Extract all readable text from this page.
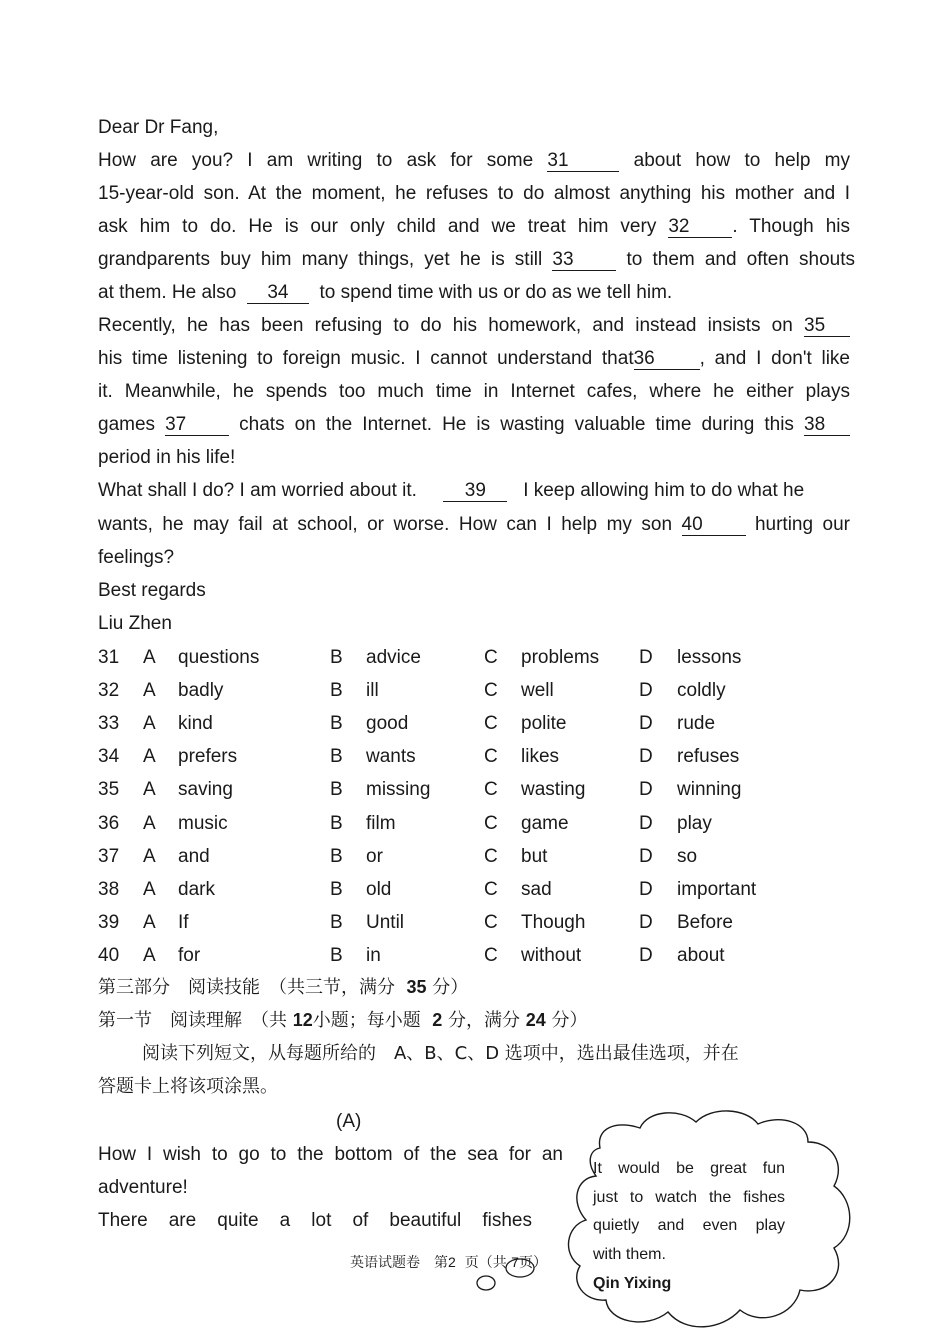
Dear Dr Fang,
How are you? I am writing to ask for some 31	about how to help my
15-year-old son. At the moment, he refuses to do almost anything his mother and I
ask him to do. He is our only child and we treat him very 32 . Though his
grandparents buy him many things, yet he is still 33	to them and often shouts
at them. He also 34 to spend time with us or do as we tell him.
Recently, he has been refusing to do his homework, and instead insists on 35
his time listening to foreign music. I cannot understand that36 , and I don't like
it. Meanwhile, he spends too much time in Internet cafes, where he either plays
games 37	chats on the Internet. He is wasting valuable time during this 38
period in his life!
What shall I do? I am worried about it.	39 I keep allowing him to do what he
wants, he may fail at school, or worse. How can I help my son 40	hurting our
feelings?
Best regards
Liu Zhen
31 A questions	B advice	C problems D lessons
32 A badly	B ill	C well	D coldly
33 A kind	B good	C polite	D rude
34 A prefers	B wants	C likes	D refuses
35 A saving	B missing	C wasting	D winning
36 A music	B film	C game	D play
37 A and	B or	C but	D so
38 A dark	B old	C sad	D important
39 A If	B Until	C Though	D Before
40 A for	B in	C without	D about
第三部分　阅读技能　（共三节，满分 35 分）
第一节　阅读理解　（共 12小题；每小题 2 分，满分 24 分）
阅读下列短文，从每题所给的　A、B、C、D 选项中，选出最佳选项，并在
答题卡上将该项涂黑。
(A)
How I wish to go to the bottom of the sea for an
adventure!
There are quite a lot of beautiful fishes
It would be great fun
just to watch the fishes
quietly and even play
with them.
Qin Yixing
英语试题卷　第2 页（共 7页）
